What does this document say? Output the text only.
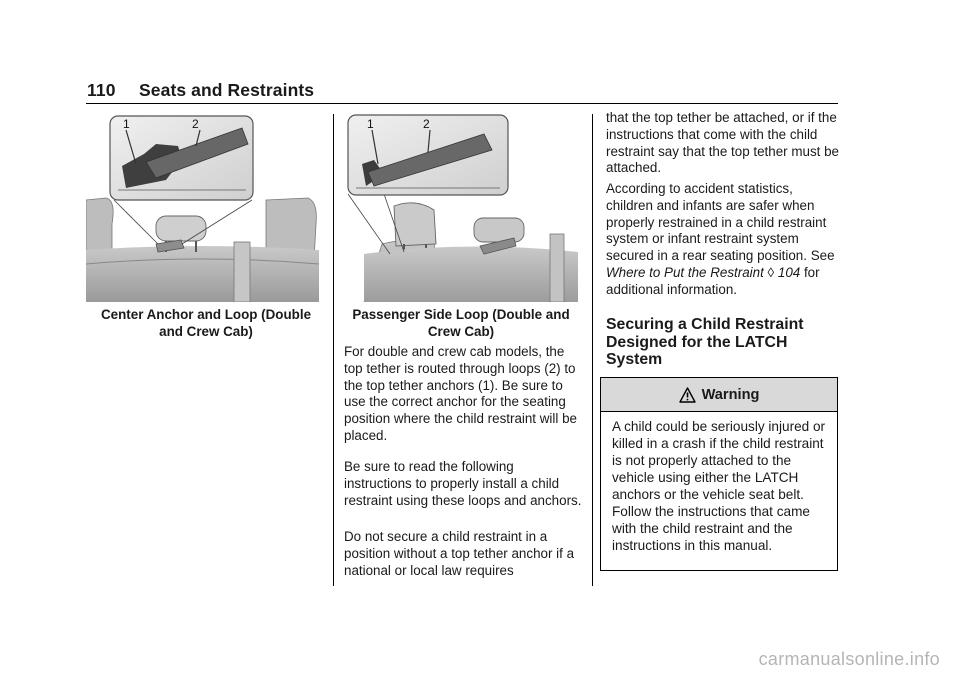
110 Seats and Restraints
1	2
Center Anchor and Loop (Double
and Crew Cab)
1	2
Passenger Side Loop (Double and
Crew Cab)

For double and crew cab models, the top tether is routed through loops (2) to the top tether anchors (1). Be sure to use the correct anchor for the seating position where the child restraint will be placed.

Be sure to read the following instructions to properly install a child restraint using these loops and anchors.

Do not secure a child restraint in a position without a top tether anchor if a national or local law requires

that the top tether be attached, or if the instructions that come with the child restraint say that the top tether must be attached.

According to accident statistics, children and infants are safer when properly restrained in a child restraint system or infant restraint system secured in a rear seating position. See Where to Put the Restraint ◊ 104 for additional information.

Securing a Child Restraint Designed for the LATCH System
Warning
A child could be seriously injured or killed in a crash if the child restraint is not properly attached to the vehicle using either the LATCH anchors or the vehicle seat belt. Follow the instructions that came with the child restraint and the instructions in this manual.
carmanualsonline.info
